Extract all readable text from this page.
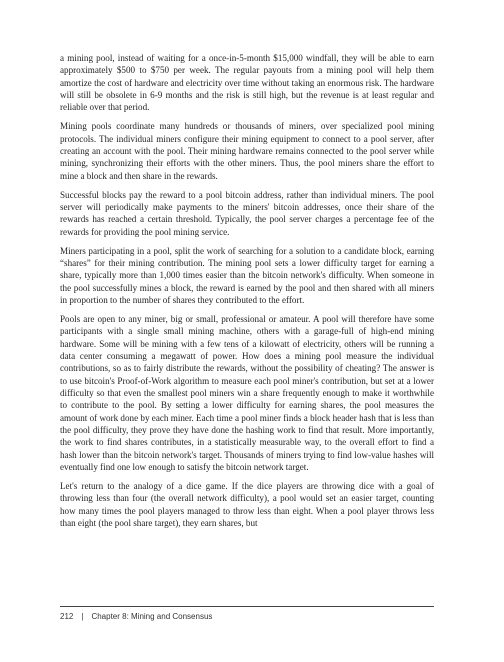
a mining pool, instead of waiting for a once-in-5-month $15,000 windfall, they will be able to earn approximately $500 to $750 per week. The regular payouts from a mining pool will help them amortize the cost of hardware and electricity over time without taking an enormous risk. The hardware will still be obsolete in 6-9 months and the risk is still high, but the revenue is at least regular and reliable over that period.

Mining pools coordinate many hundreds or thousands of miners, over specialized pool mining protocols. The individual miners configure their mining equipment to connect to a pool server, after creating an account with the pool. Their mining hardware remains connected to the pool server while mining, synchronizing their efforts with the other miners. Thus, the pool miners share the effort to mine a block and then share in the rewards.

Successful blocks pay the reward to a pool bitcoin address, rather than individual miners. The pool server will periodically make payments to the miners' bitcoin addresses, once their share of the rewards has reached a certain threshold. Typically, the pool server charges a percentage fee of the rewards for providing the pool mining service.

Miners participating in a pool, split the work of searching for a solution to a candidate block, earning “shares” for their mining contribution. The mining pool sets a lower difficulty target for earning a share, typically more than 1,000 times easier than the bitcoin network's difficulty. When someone in the pool successfully mines a block, the reward is earned by the pool and then shared with all miners in proportion to the number of shares they contributed to the effort.

Pools are open to any miner, big or small, professional or amateur. A pool will therefore have some participants with a single small mining machine, others with a garage-full of high-end mining hardware. Some will be mining with a few tens of a kilowatt of electricity, others will be running a data center consuming a megawatt of power. How does a mining pool measure the individual contributions, so as to fairly distribute the rewards, without the possibility of cheating? The answer is to use bitcoin's Proof-of-Work algorithm to measure each pool miner's contribution, but set at a lower difficulty so that even the smallest pool miners win a share frequently enough to make it worthwhile to contribute to the pool. By setting a lower difficulty for earning shares, the pool measures the amount of work done by each miner. Each time a pool miner finds a block header hash that is less than the pool difficulty, they prove they have done the hashing work to find that result. More importantly, the work to find shares contributes, in a statistically measurable way, to the overall effort to find a hash lower than the bitcoin network's target. Thousands of miners trying to find low-value hashes will eventually find one low enough to satisfy the bitcoin network target.

Let's return to the analogy of a dice game. If the dice players are throwing dice with a goal of throwing less than four (the overall network difficulty), a pool would set an easier target, counting how many times the pool players managed to throw less than eight. When a pool player throws less than eight (the pool share target), they earn shares, but

212 | Chapter 8: Mining and Consensus
